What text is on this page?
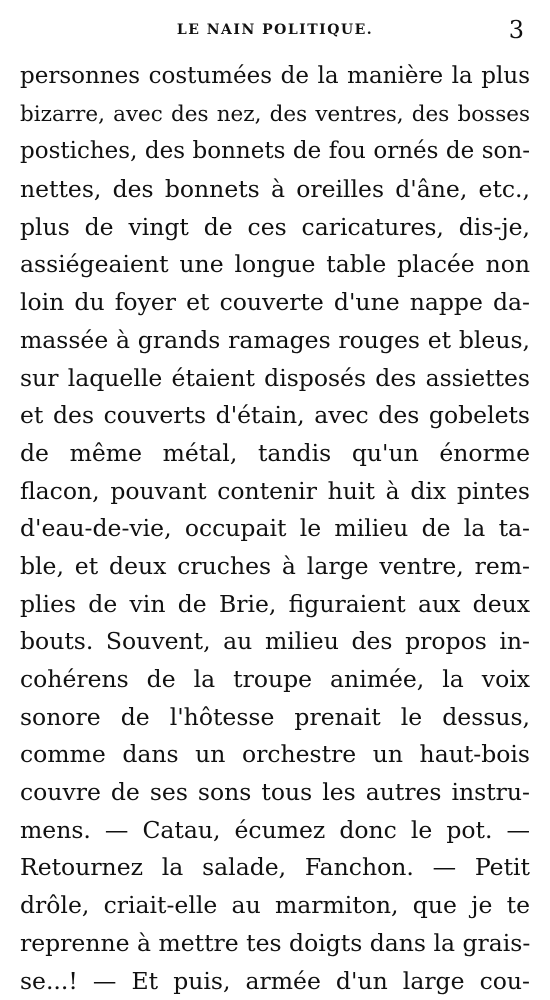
LE NAIN POLITIQUE.	3
personnes costumées de la manière la plus
bizarre, avec des nez, des ventres, des bosses
postiches, des bonnets de fou ornés de son-
nettes, des bonnets à oreilles d'âne, etc.,
plus de vingt de ces caricatures, dis-je,
assiégeaient une longue table placée non
loin du foyer et couverte d'une nappe da-
massée à grands ramages rouges et bleus,
sur laquelle étaient disposés des assiettes
et des couverts d'étain, avec des gobelets
de même métal, tandis qu'un énorme
flacon, pouvant contenir huit à dix pintes
d'eau-de-vie, occupait le milieu de la ta-
ble, et deux cruches à large ventre, rem-
plies de vin de Brie, figuraient aux deux
bouts. Souvent, au milieu des propos in-
cohérens de la troupe animée, la voix
sonore de l'hôtesse prenait le dessus,
comme dans un orchestre un haut-bois
couvre de ses sons tous les autres instru-
mens. — Catau, écumez donc le pot. —
Retournez la salade, Fanchon. — Petit
drôle, criait-elle au marmiton, que je te
reprenne à mettre tes doigts dans la grais-
se...! — Et puis, armée d'un large cou-
